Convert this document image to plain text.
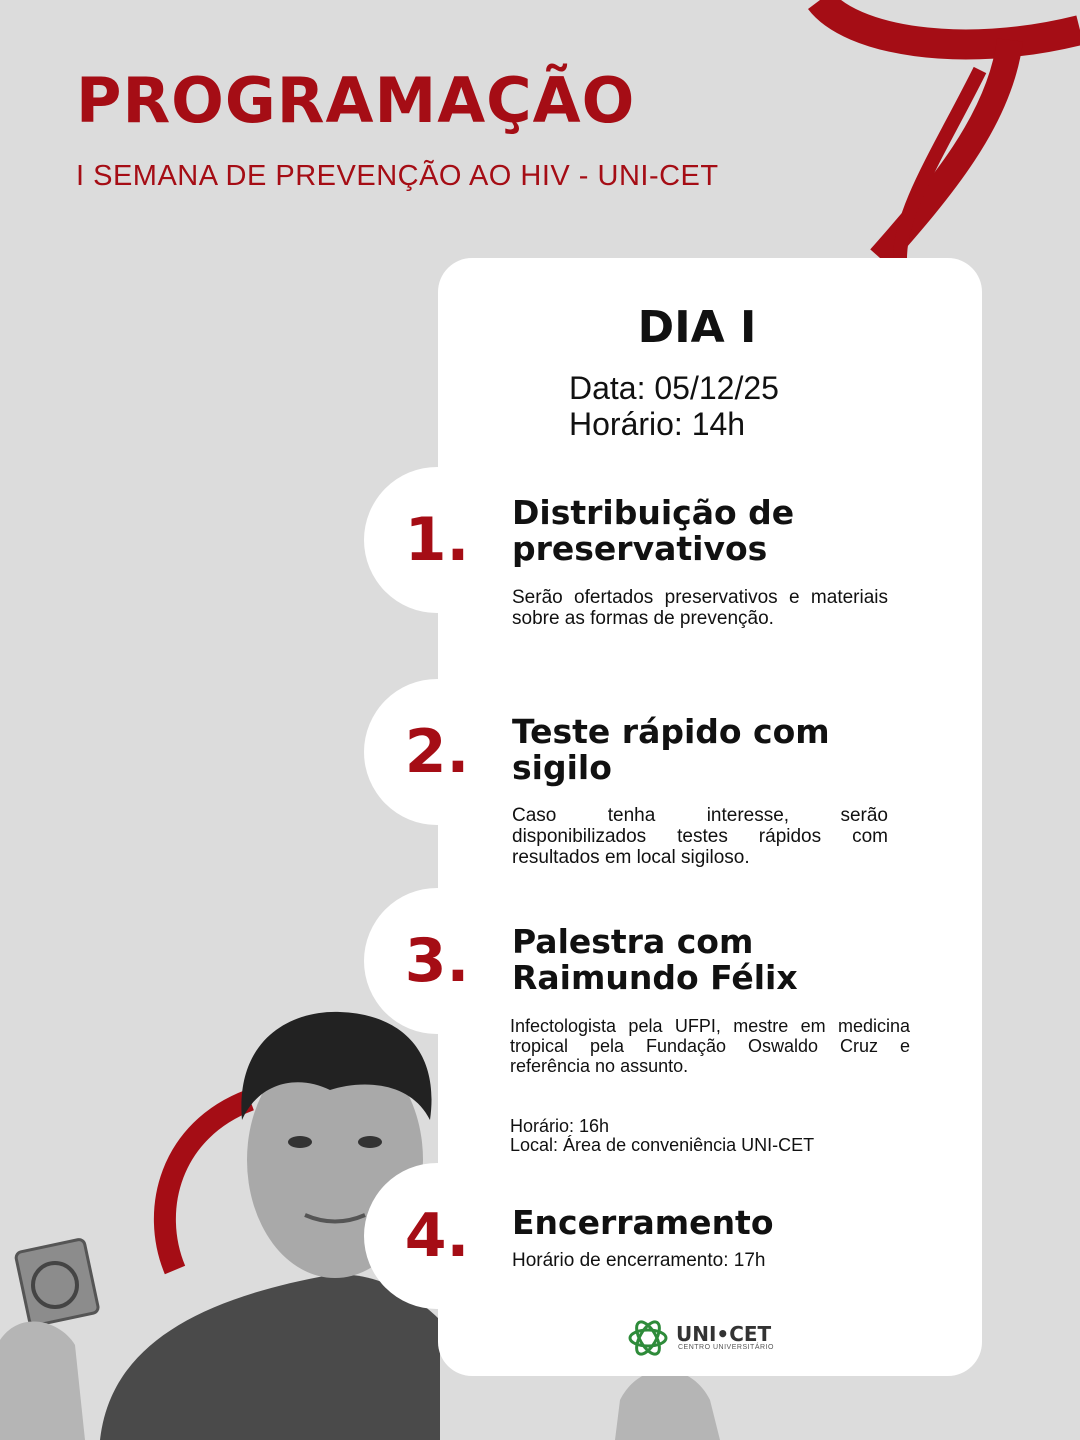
PROGRAMAÇÃO

I SEMANA DE PREVENÇÃO AO HIV - UNI-CET

DIA I

Data: 05/12/25

Horário: 14h

1. Distribuição de preservativos

Serão ofertados preservativos e materiais sobre as formas de prevenção.

2. Teste rápido com sigilo

Caso tenha interesse, serão disponibilizados testes rápidos com resultados em local sigiloso.

3. Palestra com Raimundo Félix

Infectologista pela UFPI, mestre em medicina tropical pela Fundação Oswaldo Cruz e referência no assunto.

Horário: 16h

Local: Área de conveniência UNI-CET

4. Encerramento

Horário de encerramento: 17h

UNI•CET

CENTRO UNIVERSITÁRIO
